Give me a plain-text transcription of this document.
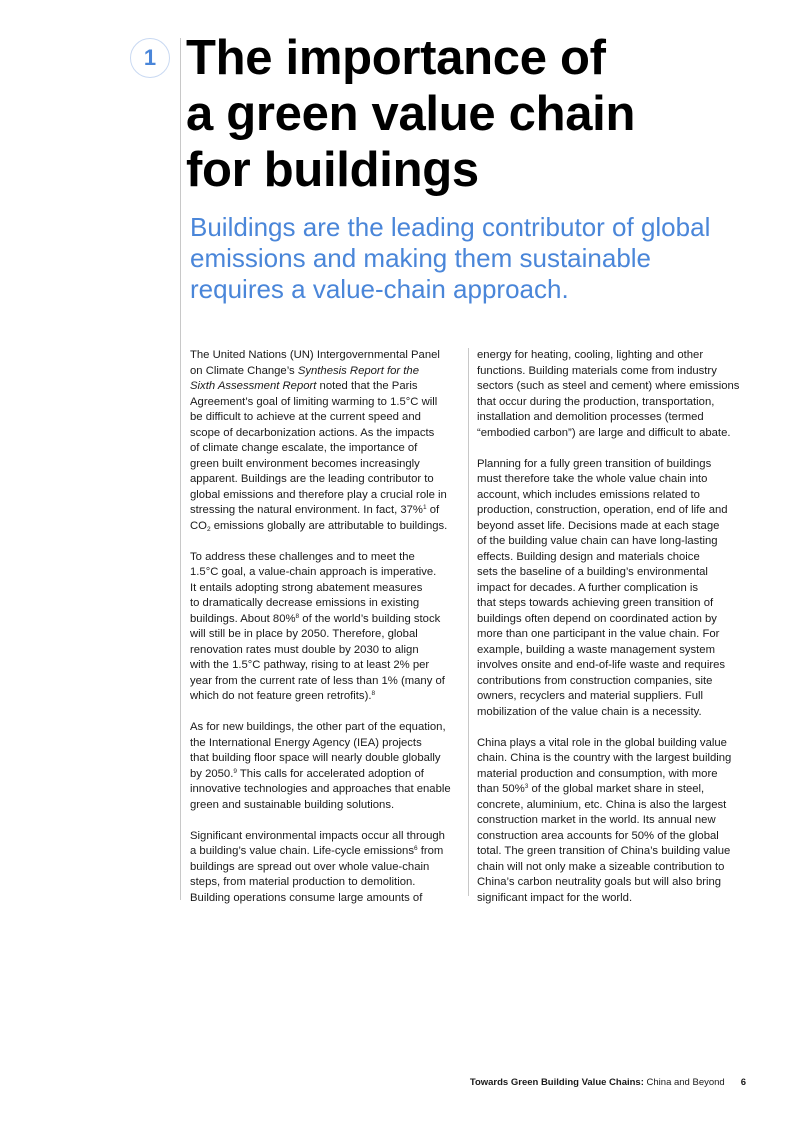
1 The importance of
a green value chain
for buildings
Buildings are the leading contributor of global
emissions and making them sustainable
requires a value-chain approach.

The United Nations (UN) Intergovernmental Panel
on Climate Change’s Synthesis Report for the
Sixth Assessment Report noted that the Paris
Agreement’s goal of limiting warming to 1.5°C will
be difficult to achieve at the current speed and
scope of decarbonization actions. As the impacts
of climate change escalate, the importance of
green built environment becomes increasingly
apparent. Buildings are the leading contributor to
global emissions and therefore play a crucial role in
stressing the natural environment. In fact, 37%$^1$ of
$CO_2$ emissions globally are attributable to buildings.

To address these challenges and to meet the
1.5°C goal, a value-chain approach is imperative.
It entails adopting strong abatement measures
to dramatically decrease emissions in existing
buildings. About 80%$^8$ of the world’s building stock
will still be in place by 2050. Therefore, global
renovation rates must double by 2030 to align
with the 1.5°C pathway, rising to at least 2% per
year from the current rate of less than 1% (many of
which do not feature green retrofits).$^8$

As for new buildings, the other part of the equation,
the International Energy Agency (IEA) projects
that building floor space will nearly double globally
by 2050.$^9$ This calls for accelerated adoption of
innovative technologies and approaches that enable
green and sustainable building solutions.

Significant environmental impacts occur all through
a building’s value chain. Life-cycle emissions$^6$ from
buildings are spread out over whole value-chain
steps, from material production to demolition.
Building operations consume large amounts of

energy for heating, cooling, lighting and other
functions. Building materials come from industry
sectors (such as steel and cement) where emissions
that occur during the production, transportation,
installation and demolition processes (termed
“embodied carbon”) are large and difficult to abate.

Planning for a fully green transition of buildings
must therefore take the whole value chain into
account, which includes emissions related to
production, construction, operation, end of life and
beyond asset life. Decisions made at each stage
of the building value chain can have long-lasting
effects. Building design and materials choice
sets the baseline of a building’s environmental
impact for decades. A further complication is
that steps towards achieving green transition of
buildings often depend on coordinated action by
more than one participant in the value chain. For
example, building a waste management system
involves onsite and end-of-life waste and requires
contributions from construction companies, site
owners, recyclers and material suppliers. Full
mobilization of the value chain is a necessity.

China plays a vital role in the global building value
chain. China is the country with the largest building
material production and consumption, with more
than 50%$^3$ of the global market share in steel,
concrete, aluminium, etc. China is also the largest
construction market in the world. Its annual new
construction area accounts for 50% of the global
total. The green transition of China’s building value
chain will not only make a sizeable contribution to
China’s carbon neutrality goals but will also bring
significant impact for the world.

Towards Green Building Value Chains: China and Beyond 6
